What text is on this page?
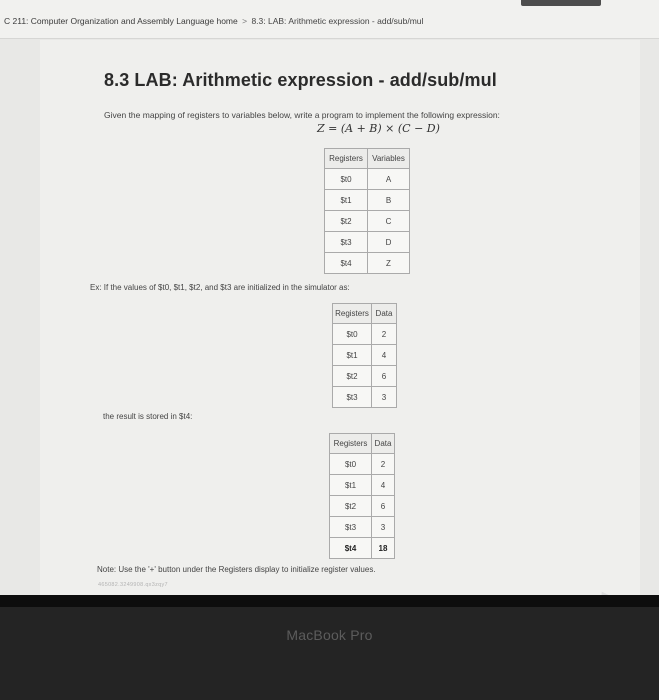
C 211: Computer Organization and Assembly Language home > 8.3: LAB: Arithmetic expression - add/sub/mul
8.3 LAB: Arithmetic expression - add/sub/mul
Given the mapping of registers to variables below, write a program to implement the following expression:
Z = (A + B) × (C − D)
Registers	Variables
$t0	A
$t1	B
$t2	C
$t3	D
$t4	Z
Ex: If the values of $t0, $t1, $t2, and $t3 are initialized in the simulator as:
Registers	Data
$t0	2
$t1	4
$t2	6
$t3	3
the result is stored in $t4:
Registers	Data
$t0	2
$t1	4
$t2	6
$t3	3
$t4	18
Note: Use the '+' button under the Registers display to initialize register values.
465082.3249908.qx3zqy7
MacBook Pro
